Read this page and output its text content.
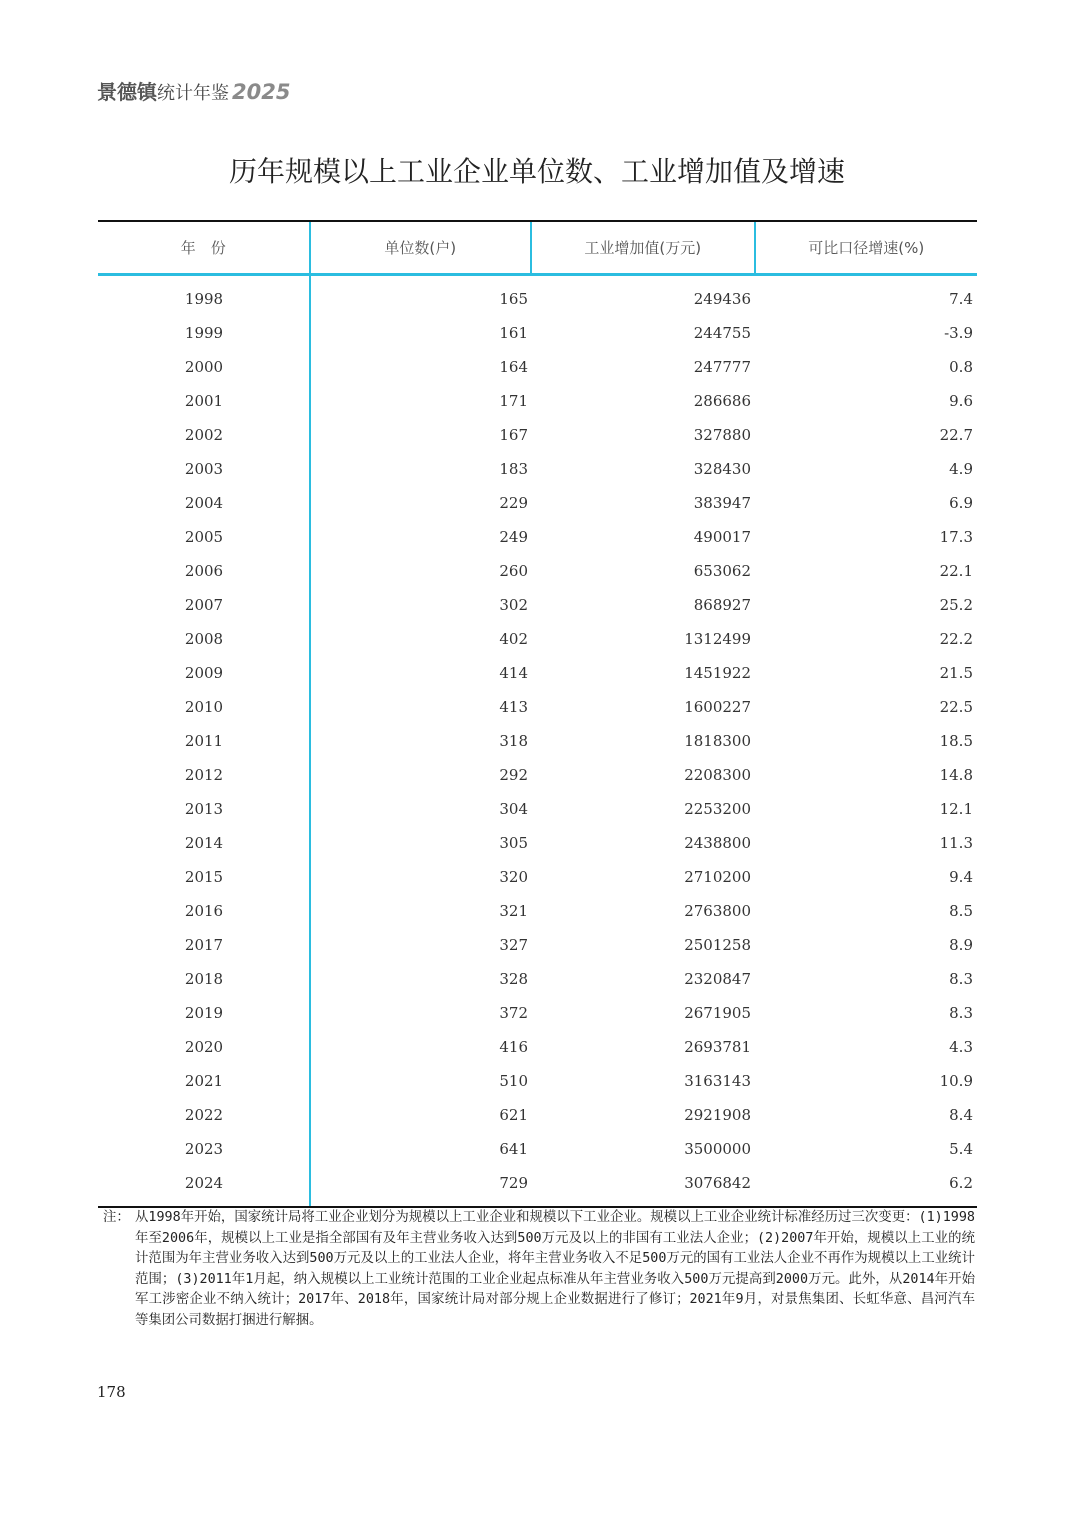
景德镇统计年鉴 2025
历年规模以上工业企业单位数、工业增加值及增速
年　份	单位数(户)	工业增加值(万元)	可比口径增速(%)
1998	165	249436	7.4
1999	161	244755	-3.9
2000	164	247777	0.8
2001	171	286686	9.6
2002	167	327880	22.7
2003	183	328430	4.9
2004	229	383947	6.9
2005	249	490017	17.3
2006	260	653062	22.1
2007	302	868927	25.2
2008	402	1312499	22.2
2009	414	1451922	21.5
2010	413	1600227	22.5
2011	318	1818300	18.5
2012	292	2208300	14.8
2013	304	2253200	12.1
2014	305	2438800	11.3
2015	320	2710200	9.4
2016	321	2763800	8.5
2017	327	2501258	8.9
2018	328	2320847	8.3
2019	372	2671905	8.3
2020	416	2693781	4.3
2021	510	3163143	10.9
2022	621	2921908	8.4
2023	641	3500000	5.4
2024	729	3076842	6.2
注： 从1998年开始，国家统计局将工业企业划分为规模以上工业企业和规模以下工业企业。规模以上工业企业统计标准经历过三次变更：(1)1998年至2006年，规模以上工业是指全部国有及年主营业务收入达到500万元及以上的非国有工业法人企业；(2)2007年开始，规模以上工业的统计范围为年主营业务收入达到500万元及以上的工业法人企业，将年主营业务收入不足500万元的国有工业法人企业不再作为规模以上工业统计范围；(3)2011年1月起，纳入规模以上工业统计范围的工业企业起点标准从年主营业务收入500万元提高到2000万元。此外，从2014年开始军工涉密企业不纳入统计；2017年、2018年，国家统计局对部分规上企业数据进行了修订；2021年9月，对景焦集团、长虹华意、昌河汽车等集团公司数据打捆进行解捆。
178
